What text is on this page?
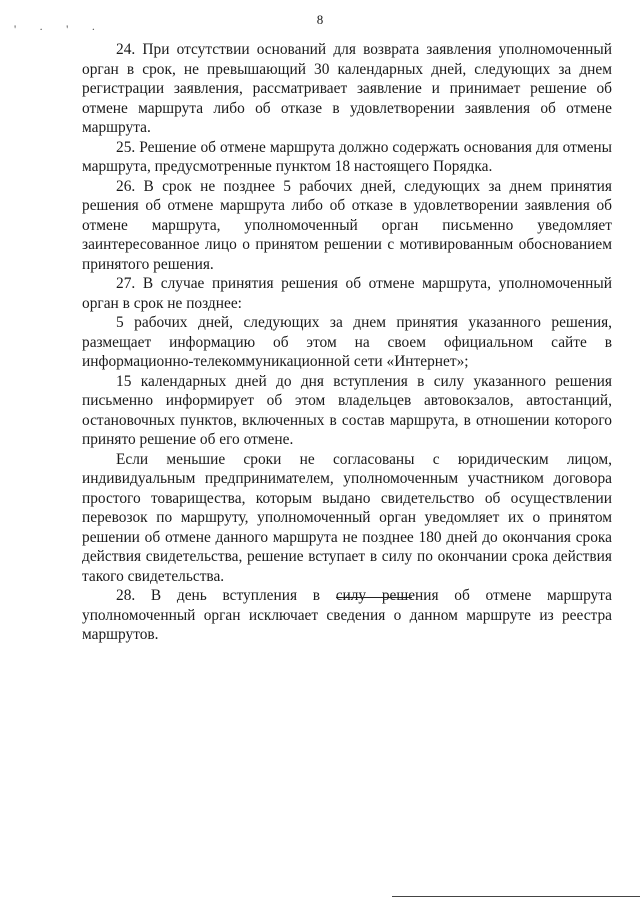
8
' · ' ·

24. При отсутствии оснований для возврата заявления уполномоченный орган в срок, не превышающий 30 календарных дней, следующих за днем регистрации заявления, рассматривает заявление и принимает решение об отмене маршрута либо об отказе в удовлетворении заявления об отмене маршрута.

25. Решение об отмене маршрута должно содержать основания для отмены маршрута, предусмотренные пунктом 18 настоящего Порядка.

26. В срок не позднее 5 рабочих дней, следующих за днем принятия решения об отмене маршрута либо об отказе в удовлетворении заявления об отмене маршрута, уполномоченный орган письменно уведомляет заинтересованное лицо о принятом решении с мотивированным обоснованием принятого решения.

27. В случае принятия решения об отмене маршрута, уполномоченный орган в срок не позднее:

5 рабочих дней, следующих за днем принятия указанного решения, размещает информацию об этом на своем официальном сайте в информационно-телекоммуникационной сети «Интернет»;

15 календарных дней до дня вступления в силу указанного решения письменно информирует об этом владельцев автовокзалов, автостанций, остановочных пунктов, включенных в состав маршрута, в отношении которого принято решение об его отмене.

Если меньшие сроки не согласованы с юридическим лицом, индивидуальным предпринимателем, уполномоченным участником договора простого товарищества, которым выдано свидетельство об осуществлении перевозок по маршруту, уполномоченный орган уведомляет их о принятом решении об отмене данного маршрута не позднее 180 дней до окончания срока действия свидетельства, решение вступает в силу по окончании срока действия такого свидетельства.

28. В день вступления в силу решения об отмене маршрута уполномоченный орган исключает сведения о данном маршруте из реестра маршрутов.
